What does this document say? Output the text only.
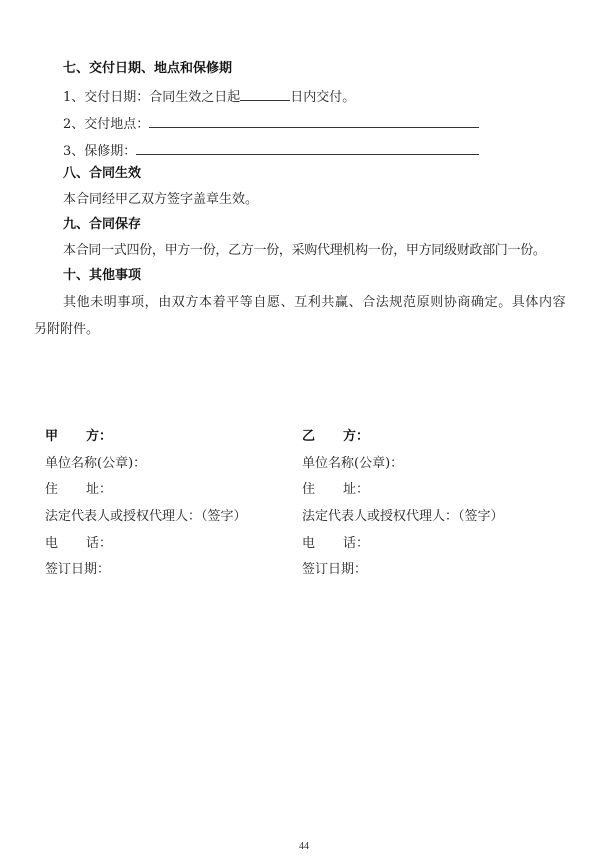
七、交付日期、地点和保修期
1、交付日期：合同生效之日起	日内交付。
2、交付地点：
3、保修期：
八、合同生效
本合同经甲乙双方签字盖章生效。
九、合同保存
本合同一式四份，甲方一份，乙方一份，采购代理机构一份，甲方同级财政部门一份。
十、其他事项
其他未明事项，由双方本着平等自愿、互利共赢、合法规范原则协商确定。具体内容
另附附件。
甲 方：
单位名称(公章)：
住 址：
法定代表人或授权代理人：（签字）
电 话：
签订日期：
乙 方：
单位名称(公章)：
住 址：
法定代表人或授权代理人：（签字）
电 话：
签订日期：
44
